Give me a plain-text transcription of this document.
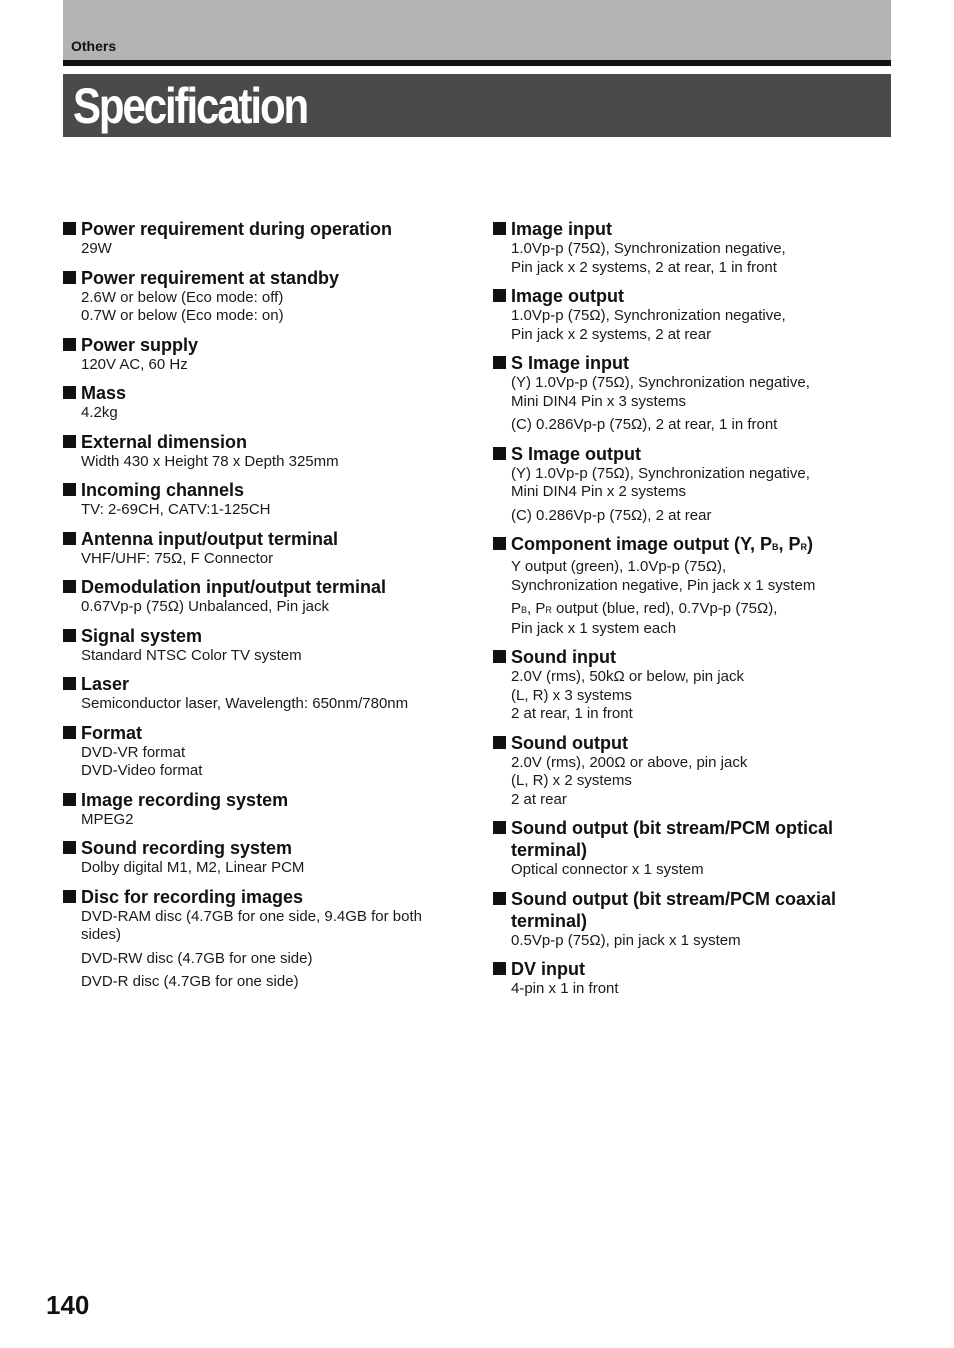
Others
Specification
Power requirement during operation
29W
Power requirement at standby
2.6W or below (Eco mode: off)
0.7W or below (Eco mode: on)
Power supply
120V AC, 60 Hz
Mass
4.2kg
External dimension
Width 430 x Height 78 x Depth 325mm
Incoming channels
TV: 2-69CH, CATV:1-125CH
Antenna input/output terminal
VHF/UHF: 75Ω, F Connector
Demodulation input/output terminal
0.67Vp-p (75Ω) Unbalanced, Pin jack
Signal system
Standard NTSC Color TV system
Laser
Semiconductor laser, Wavelength: 650nm/780nm
Format
DVD-VR format
DVD-Video format
Image recording system
MPEG2
Sound recording system
Dolby digital M1, M2, Linear PCM
Disc for recording images
DVD-RAM disc (4.7GB for one side, 9.4GB for both
sides)
DVD-RW disc (4.7GB for one side)
DVD-R disc (4.7GB for one side)
Image input
1.0Vp-p (75Ω), Synchronization negative,
Pin jack x 2 systems, 2 at rear, 1 in front
Image output
1.0Vp-p (75Ω), Synchronization negative,
Pin jack x 2 systems, 2 at rear
S Image input
(Y) 1.0Vp-p (75Ω), Synchronization negative,
Mini DIN4 Pin x 3 systems
(C) 0.286Vp-p (75Ω), 2 at rear, 1 in front
S Image output
(Y) 1.0Vp-p (75Ω), Synchronization negative,
Mini DIN4 Pin x 2 systems
(C) 0.286Vp-p (75Ω), 2 at rear
Component image output (Y, PB, PR)
Y output (green), 1.0Vp-p (75Ω),
Synchronization negative, Pin jack x 1 system
PB, PR output (blue, red), 0.7Vp-p (75Ω),
Pin jack x 1 system each
Sound input
2.0V (rms), 50kΩ or below, pin jack
(L, R) x 3 systems
2 at rear, 1 in front
Sound output
2.0V (rms), 200Ω or above, pin jack
(L, R) x 2 systems
2 at rear
Sound output (bit stream/PCM optical terminal)
Optical connector x 1 system
Sound output (bit stream/PCM coaxial terminal)
0.5Vp-p (75Ω), pin jack x 1 system
DV input
4-pin x 1 in front
140
